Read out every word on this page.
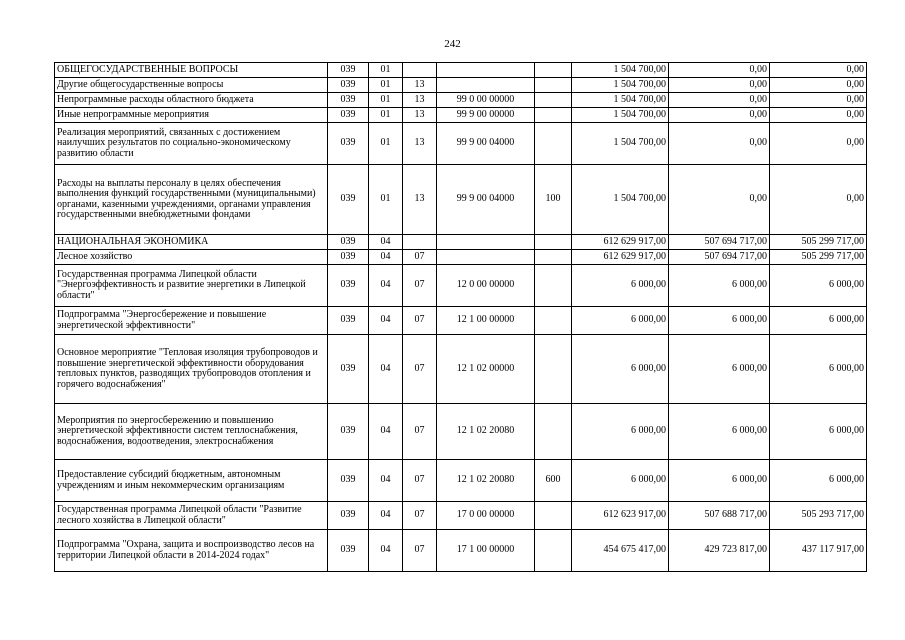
242
ОБЩЕГОСУДАРСТВЕННЫЕ ВОПРОСЫ	039	01				1 504 700,00	0,00	0,00
Другие общегосударственные вопросы	039	01	13			1 504 700,00	0,00	0,00
Непрограммные расходы областного бюджета	039	01	13	99 0 00 00000		1 504 700,00	0,00	0,00
Иные непрограммные мероприятия	039	01	13	99 9 00 00000		1 504 700,00	0,00	0,00
Реализация мероприятий, связанных с достижением наилучших результатов по социально-экономическому развитию области	039	01	13	99 9 00 04000		1 504 700,00	0,00	0,00
Расходы на выплаты персоналу в целях обеспечения выполнения функций государственными (муниципальными) органами, казенными учреждениями, органами управления государственными внебюджетными фондами	039	01	13	99 9 00 04000	100	1 504 700,00	0,00	0,00
НАЦИОНАЛЬНАЯ ЭКОНОМИКА	039	04				612 629 917,00	507 694 717,00	505 299 717,00
Лесное хозяйство	039	04	07			612 629 917,00	507 694 717,00	505 299 717,00
Государственная программа Липецкой области "Энергоэффективность и развитие энергетики в Липецкой области"	039	04	07	12 0 00 00000		6 000,00	6 000,00	6 000,00
Подпрограмма "Энергосбережение и повышение энергетической эффективности"	039	04	07	12 1 00 00000		6 000,00	6 000,00	6 000,00
Основное мероприятие "Тепловая изоляция трубопроводов и повышение энергетической эффективности оборудования тепловых пунктов, разводящих трубопроводов отопления и горячего водоснабжения"	039	04	07	12 1 02 00000		6 000,00	6 000,00	6 000,00
Мероприятия по энергосбережению и повышению энергетической эффективности систем теплоснабжения, водоснабжения, водоотведения, электроснабжения	039	04	07	12 1 02 20080		6 000,00	6 000,00	6 000,00
Предоставление субсидий бюджетным, автономным учреждениям и иным некоммерческим организациям	039	04	07	12 1 02 20080	600	6 000,00	6 000,00	6 000,00
Государственная программа Липецкой области "Развитие лесного хозяйства в Липецкой области"	039	04	07	17 0 00 00000		612 623 917,00	507 688 717,00	505 293 717,00
Подпрограмма "Охрана, защита и воспроизводство лесов на территории Липецкой области в 2014-2024 годах"	039	04	07	17 1 00 00000		454 675 417,00	429 723 817,00	437 117 917,00
